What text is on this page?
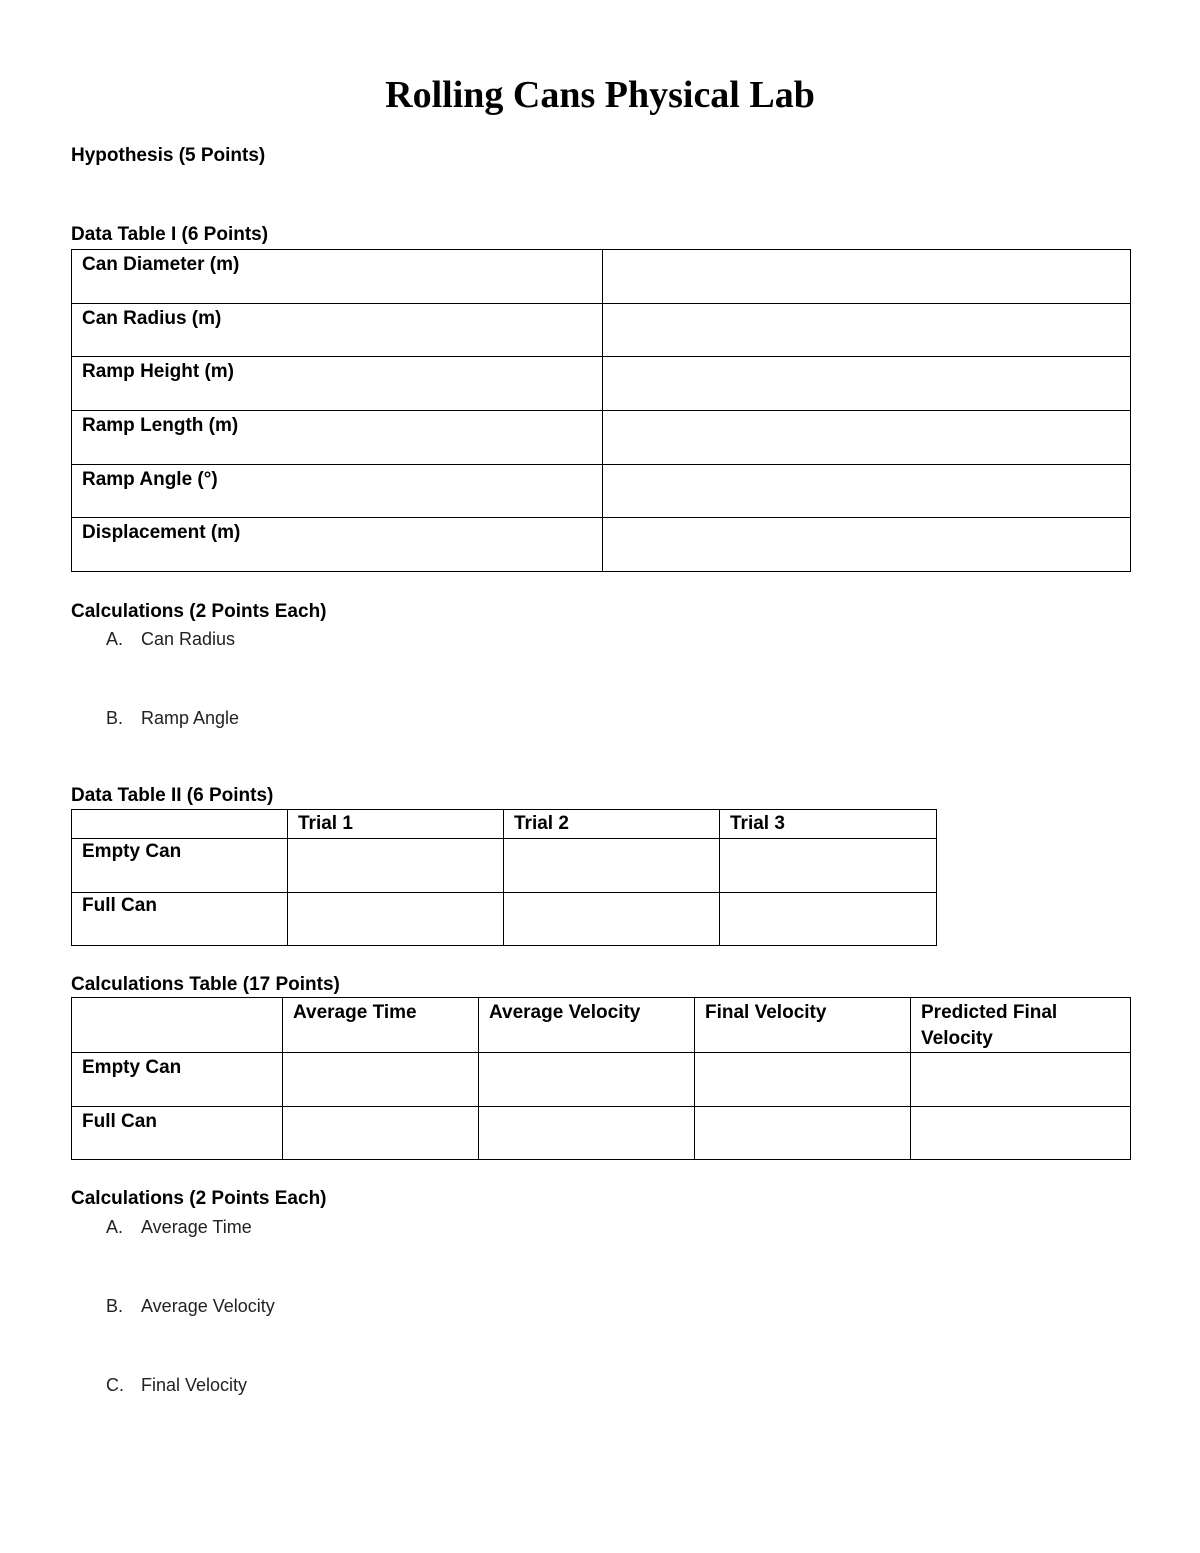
Rolling Cans Physical Lab

Hypothesis (5 Points)

Data Table I (6 Points)

Can Diameter (m)	
Can Radius (m)	
Ramp Height (m)	
Ramp Length (m)	
Ramp Angle (°)	
Displacement (m)	

Calculations (2 Points Each)

A. Can Radius
B. Ramp Angle

Data Table II (6 Points)

	Trial 1	Trial 2	Trial 3
Empty Can			
Full Can			

Calculations Table (17 Points)

	Average Time	Average Velocity	Final Velocity	Predicted Final Velocity
Empty Can				
Full Can				

Calculations (2 Points Each)

A. Average Time
B. Average Velocity
C. Final Velocity
